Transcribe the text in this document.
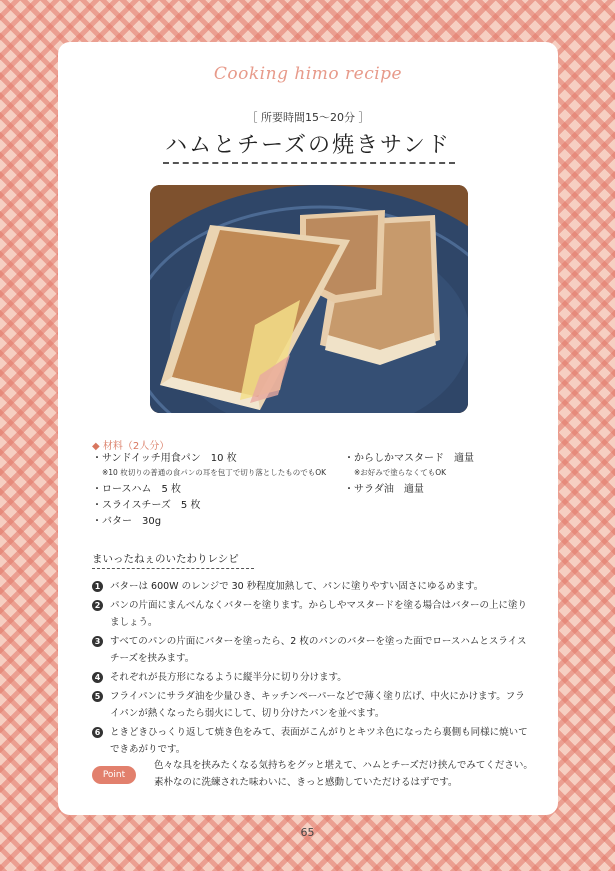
Cooking himo recipe
［ 所要時間15～20分 ］
ハムとチーズの焼きサンド
◆ 材料（2人分）
・サンドイッチ用食パン　10 枚
※10 枚切りの普通の食パンの耳を包丁で切り落としたものでもOK
・ロースハム　5 枚
・スライスチーズ　5 枚
・バター　30g
・からしかマスタード　適量
※お好みで塗らなくてもOK
・サラダ油　適量
まいったねぇのいたわりレシピ
1 バターは 600W のレンジで 30 秒程度加熱して、パンに塗りやすい固さにゆるめます。
2 パンの片面にまんべんなくバターを塗ります。からしやマスタードを塗る場合はバターの上に塗りましょう。
3 すべてのパンの片面にバターを塗ったら、2 枚のパンのバターを塗った面でロースハムとスライスチーズを挟みます。
4 それぞれが長方形になるように縦半分に切り分けます。
5 フライパンにサラダ油を少量ひき、キッチンペーパーなどで薄く塗り広げ、中火にかけます。フライパンが熱くなったら弱火にして、切り分けたパンを並べます。
6 ときどきひっくり返して焼き色をみて、表面がこんがりとキツネ色になったら裏側も同様に焼いてできあがりです。
Point
色々な具を挟みたくなる気持ちをグッと堪えて、ハムとチーズだけ挟んでみてください。素朴なのに洗練された味わいに、きっと感動していただけるはずです。
65
